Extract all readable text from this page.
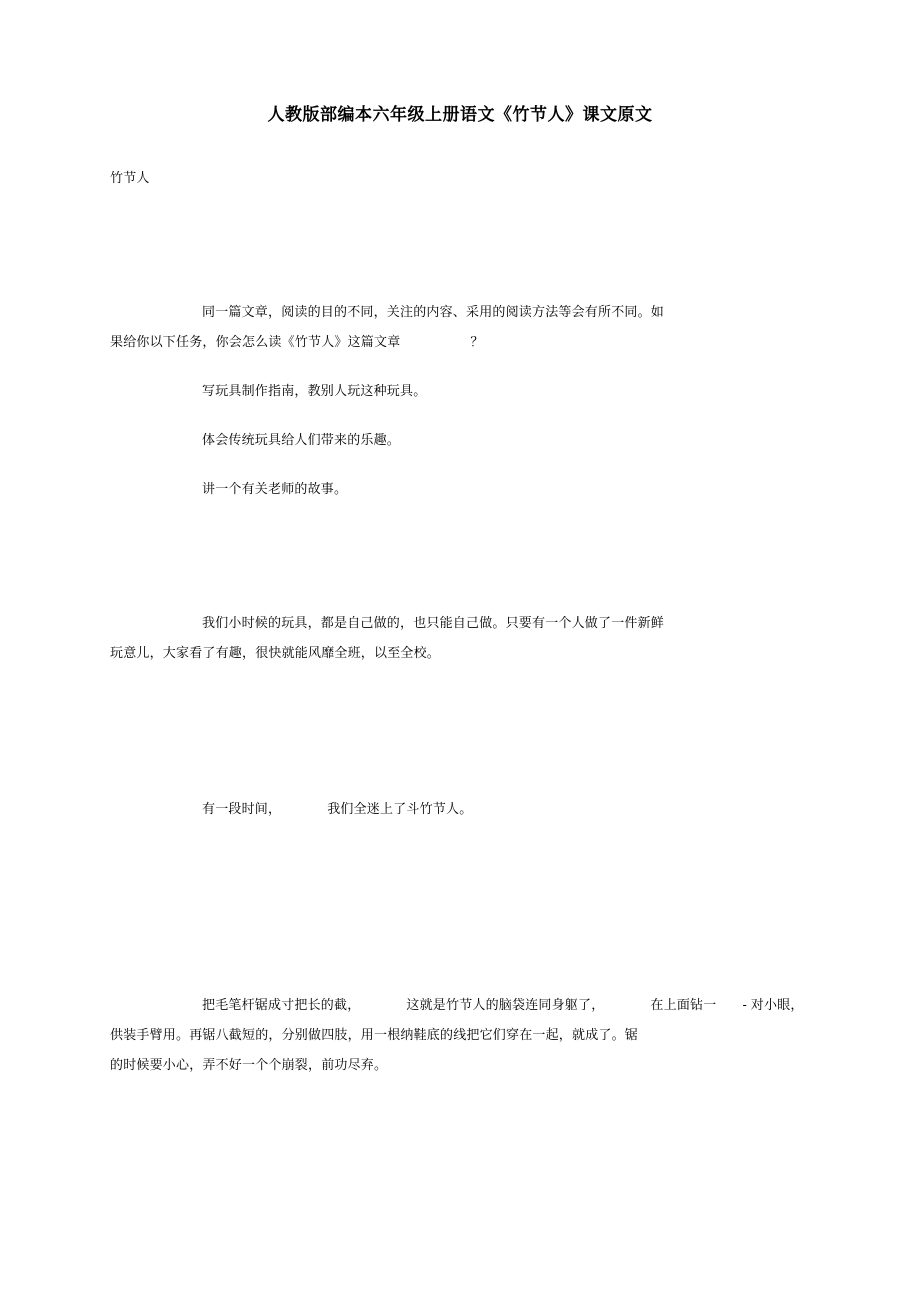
人教版部编本六年级上册语文《竹节人》课文原文

竹节人

同一篇文章，阅读的目的不同，关注的内容、采用的阅读方法等会有所不同。如

果给你以下任务，你会怎么读《竹节人》这篇文章	？

写玩具制作指南，教别人玩这种玩具。

体会传统玩具给人们带来的乐趣。

讲一个有关老师的故事。

我们小时候的玩具，都是自己做的，也只能自己做。只要有一个人做了一件新鲜

玩意儿，大家看了有趣，很快就能风靡全班，以至全校。

有一段时间，	我们全迷上了斗竹节人。

把毛笔杆锯成寸把长的截，	这就是竹节人的脑袋连同身躯了，	在上面钻一 - 对小眼，

供装手臂用。再锯八截短的，分别做四肢，用一根纳鞋底的线把它们穿在一起，就成了。锯

的时候要小心，弄不好一个个崩裂，前功尽弃。
